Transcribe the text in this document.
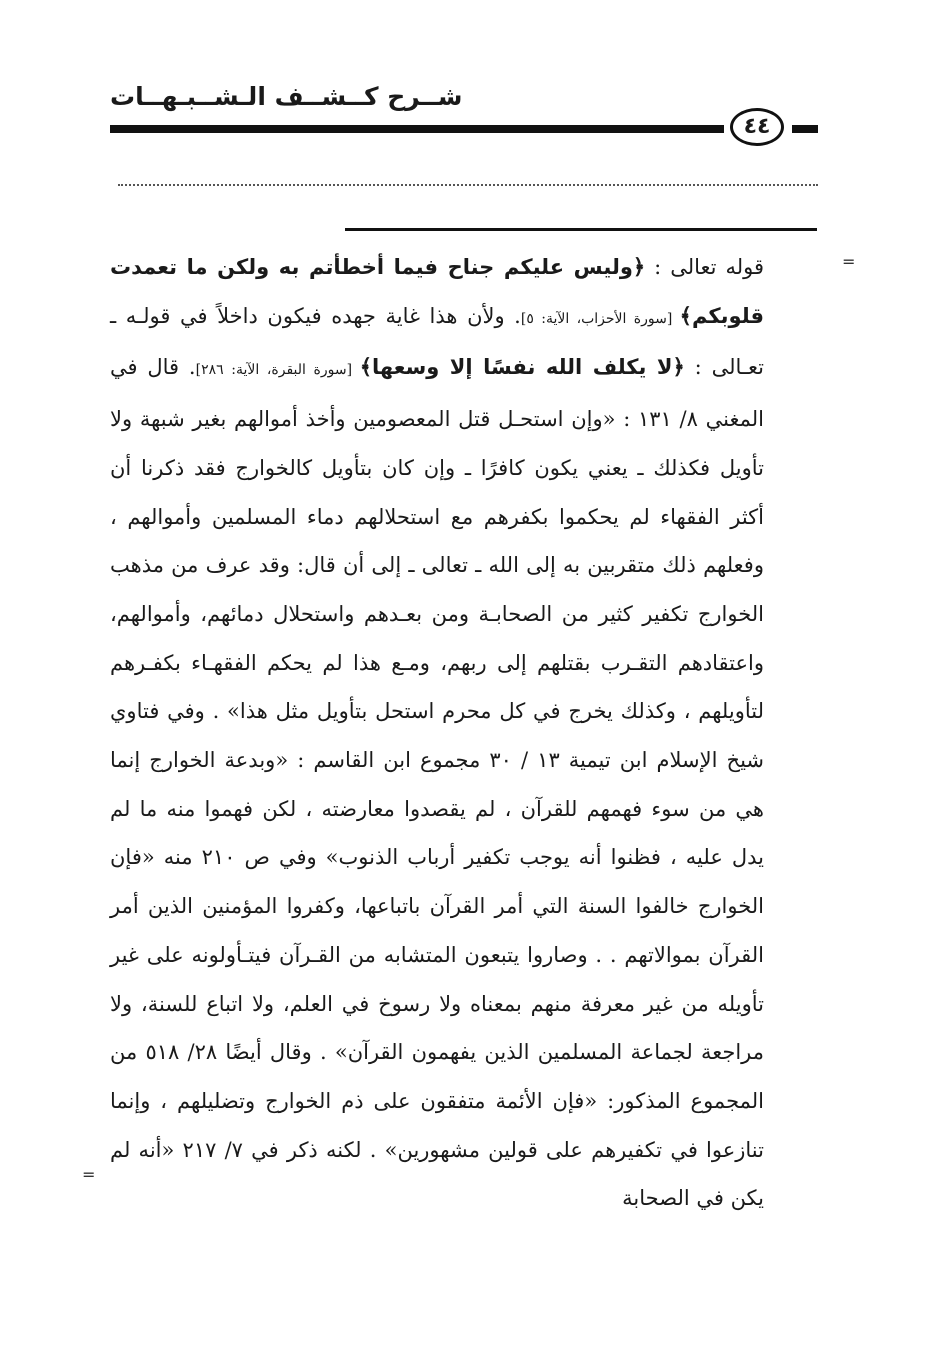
شــرح كــشــف الـشــبـهــات
٤٤
=
=

قوله تعالى : ﴿وليس عليكم جناح فيما أخطأتم به ولكن ما تعمدت قلوبكم﴾ [سورة الأحزاب، الآية: ٥]. ولأن هذا غاية جهده فيكون داخلاً في قولـه ـ تعـالى : ﴿لا يكلف الله نفسًا إلا وسعها﴾ [سورة البقرة، الآية: ٢٨٦]. قال في المغني ٨/ ١٣١ : «وإن استحـل قتل المعصومين وأخذ أموالهم بغير شبهة ولا تأويل فكذلك ـ يعني يكون كافرًا ـ وإن كان بتأويل كالخوارج فقد ذكرنا أن أكثر الفقهاء لم يحكموا بكفرهم مع استحلالهم دماء المسلمين وأموالهم ، وفعلهم ذلك متقربين به إلى الله ـ تعالى ـ إلى أن قال: وقد عرف من مذهب الخوارج تكفير كثير من الصحابـة ومن بعـدهم واستحلال دمائهم، وأموالهم، واعتقادهم التقـرب بقتلهم إلى ربهم، ومـع هذا لم يحكم الفقهـاء بكفـرهم لتأويلهم ، وكذلك يخرج في كل محرم استحل بتأويل مثل هذا» . وفي فتاوي شيخ الإسلام ابن تيمية ١٣ / ٣٠ مجموع ابن القاسم : «وبدعة الخوارج إنما هي من سوء فهمهم للقرآن ، لم يقصدوا معارضته ، لكن فهموا منه ما لم يدل عليه ، فظنوا أنه يوجب تكفير أرباب الذنوب» وفي ص ٢١٠ منه «فإن الخوارج خالفوا السنة التي أمر القرآن باتباعها، وكفروا المؤمنين الذين أمر القرآن بموالاتهم . . وصاروا يتبعون المتشابه من القـرآن فيتـأولونه على غير تأويله من غير معرفة منهم بمعناه ولا رسوخ في العلم، ولا اتباع للسنة، ولا مراجعة لجماعة المسلمين الذين يفهمون القرآن» . وقال أيضًا ٢٨/ ٥١٨ من المجموع المذكور: «فإن الأئمة متفقون على ذم الخوارج وتضليلهم ، وإنما تنازعوا في تكفيرهم على قولين مشهورين» . لكنه ذكر في ٧/ ٢١٧ «أنه لم يكن في الصحابة
